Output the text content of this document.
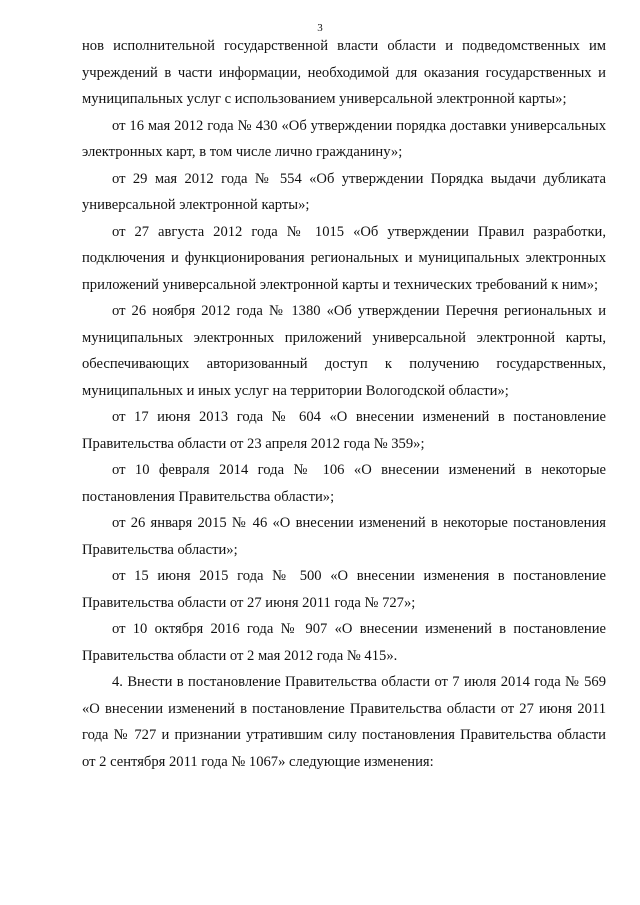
3

нов исполнительной государственной власти области и подведомственных им учреждений в части информации, необходимой для оказания государственных и муниципальных услуг с использованием универсальной электронной карты»;

от 16 мая 2012 года № 430 «Об утверждении порядка доставки универсальных электронных карт, в том числе лично гражданину»;

от 29 мая 2012 года № 554 «Об утверждении Порядка выдачи дубликата универсальной электронной карты»;

от 27 августа 2012 года № 1015 «Об утверждении Правил разработки, подключения и функционирования региональных и муниципальных электронных приложений универсальной электронной карты и технических требований к ним»;

от 26 ноября 2012 года № 1380 «Об утверждении Перечня региональных и муниципальных электронных приложений универсальной электронной карты, обеспечивающих авторизованный доступ к получению государственных, муниципальных и иных услуг на территории Вологодской области»;

от 17 июня 2013 года № 604 «О внесении изменений в постановление Правительства области от 23 апреля 2012 года № 359»;

от 10 февраля 2014 года № 106 «О внесении изменений в некоторые постановления Правительства области»;

от 26 января 2015 № 46 «О внесении изменений в некоторые постановления Правительства области»;

от 15 июня 2015 года № 500 «О внесении изменения в постановление Правительства области от 27 июня 2011 года № 727»;

от 10 октября 2016 года № 907 «О внесении изменений в постановление Правительства области от 2 мая 2012 года № 415».

4. Внести в постановление Правительства области от 7 июля 2014 года № 569 «О внесении изменений в постановление Правительства области от 27 июня 2011 года № 727 и признании утратившим силу постановления Правительства области от 2 сентября 2011 года № 1067» следующие изменения:
